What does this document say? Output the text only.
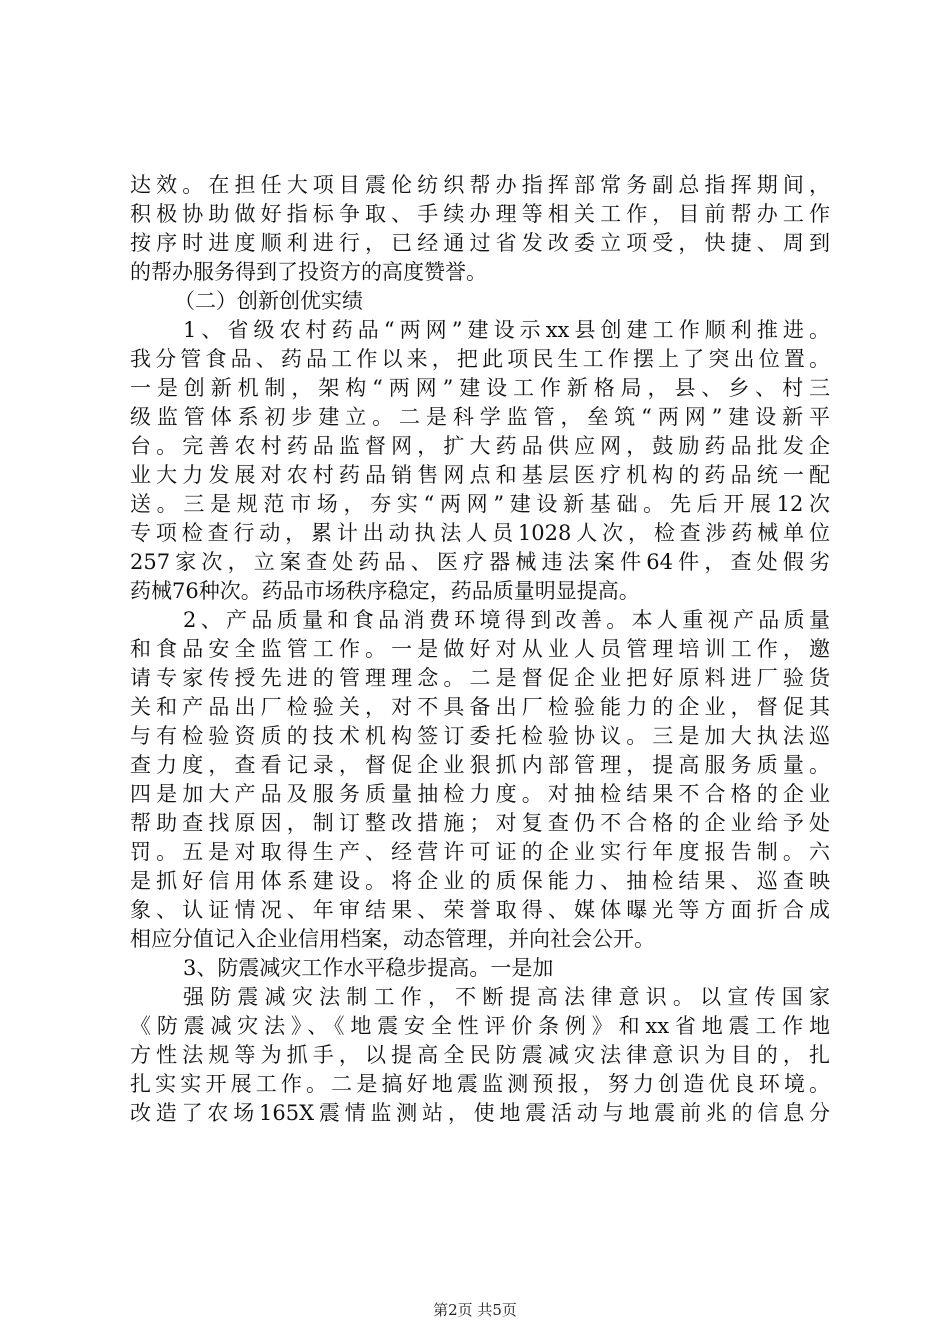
达效。在担任大项目震伦纺织帮办指挥部常务副总指挥期间，
积极协助做好指标争取、手续办理等相关工作，目前帮办工作
按序时进度顺利进行，已经通过省发改委立项受，快捷、周到
的帮办服务得到了投资方的高度赞誉。
（二）创新创优实绩
1、省级农村药品“两网”建设示xx县创建工作顺利推进。
我分管食品、药品工作以来，把此项民生工作摆上了突出位置。
一是创新机制，架构“两网”建设工作新格局，县、乡、村三
级监管体系初步建立。二是科学监管，垒筑“两网”建设新平
台。完善农村药品监督网，扩大药品供应网，鼓励药品批发企
业大力发展对农村药品销售网点和基层医疗机构的药品统一配
送。三是规范市场，夯实“两网”建设新基础。先后开展12次
专项检查行动，累计出动执法人员1028人次，检查涉药械单位
257家次，立案查处药品、医疗器械违法案件64件，查处假劣
药械76种次。药品市场秩序稳定，药品质量明显提高。
2、产品质量和食品消费环境得到改善。本人重视产品质量
和食品安全监管工作。一是做好对从业人员管理培训工作，邀
请专家传授先进的管理理念。二是督促企业把好原料进厂验货
关和产品出厂检验关，对不具备出厂检验能力的企业，督促其
与有检验资质的技术机构签订委托检验协议。三是加大执法巡
查力度，查看记录，督促企业狠抓内部管理，提高服务质量。
四是加大产品及服务质量抽检力度。对抽检结果不合格的企业
帮助查找原因，制订整改措施；对复查仍不合格的企业给予处
罚。五是对取得生产、经营许可证的企业实行年度报告制。六
是抓好信用体系建设。将企业的质保能力、抽检结果、巡查映
象、认证情况、年审结果、荣誉取得、媒体曝光等方面折合成
相应分值记入企业信用档案，动态管理，并向社会公开。
3、防震减灾工作水平稳步提高。一是加
强防震减灾法制工作，不断提高法律意识。以宣传国家
《防震减灾法》、《地震安全性评价条例》和xx省地震工作地
方性法规等为抓手，以提高全民防震减灾法律意识为目的，扎
扎实实开展工作。二是搞好地震监测预报，努力创造优良环境。
改造了农场165X震情监测站，使地震活动与地震前兆的信息分
第2页 共5页
